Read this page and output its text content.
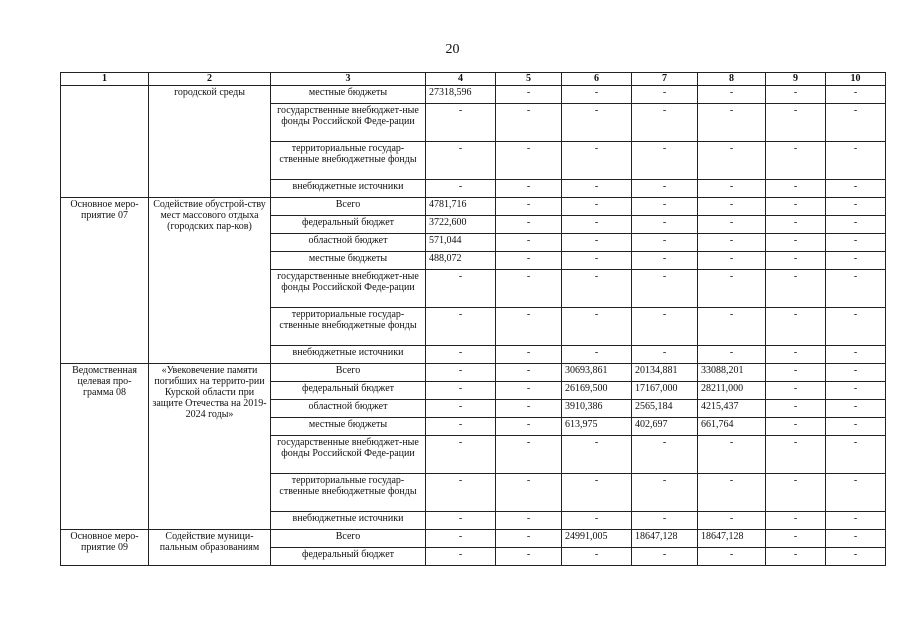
20
1	2	3	4	5	6	7	8	9	10
	городской среды	местные бюджеты	27318,596	-	-	-	-	-	-
		государственные внебюджет-ные фонды Российской Феде-рации	-	-	-	-	-	-	-
		территориальные государ-ственные внебюджетные фонды	-	-	-	-	-	-	-
		внебюджетные источники	-	-	-	-	-	-	-
Основное меро-приятие 07	Содействие обустрой-ству мест массового отдыха (городских пар-ков)	Всего	4781,716	-	-	-	-	-	-
		федеральный бюджет	3722,600	-	-	-	-	-	-
		областной бюджет	571,044	-	-	-	-	-	-
		местные бюджеты	488,072	-	-	-	-	-	-
		государственные внебюджет-ные фонды Российской Феде-рации	-	-	-	-	-	-	-
		территориальные государ-ственные внебюджетные фонды	-	-	-	-	-	-	-
		внебюджетные источники	-	-	-	-	-	-	-
Ведомственная целевая про-грамма 08	«Увековечение памяти погибших на террито-рии Курской области при защите Отечества на 2019-2024 годы»	Всего	-	-	30693,861	20134,881	33088,201	-	-
		федеральный бюджет	-	-	26169,500	17167,000	28211,000	-	-
		областной бюджет	-	-	3910,386	2565,184	4215,437	-	-
		местные бюджеты	-	-	613,975	402,697	661,764	-	-
		государственные внебюджет-ные фонды Российской Феде-рации	-	-	-	-	-	-	-
		территориальные государ-ственные внебюджетные фонды	-	-	-	-	-	-	-
		внебюджетные источники	-	-	-	-	-	-	-
Основное меро-приятие 09	Содействие муници-пальным образованиям	Всего	-	-	24991,005	18647,128	18647,128	-	-
		федеральный бюджет	-	-	-	-	-	-	-
